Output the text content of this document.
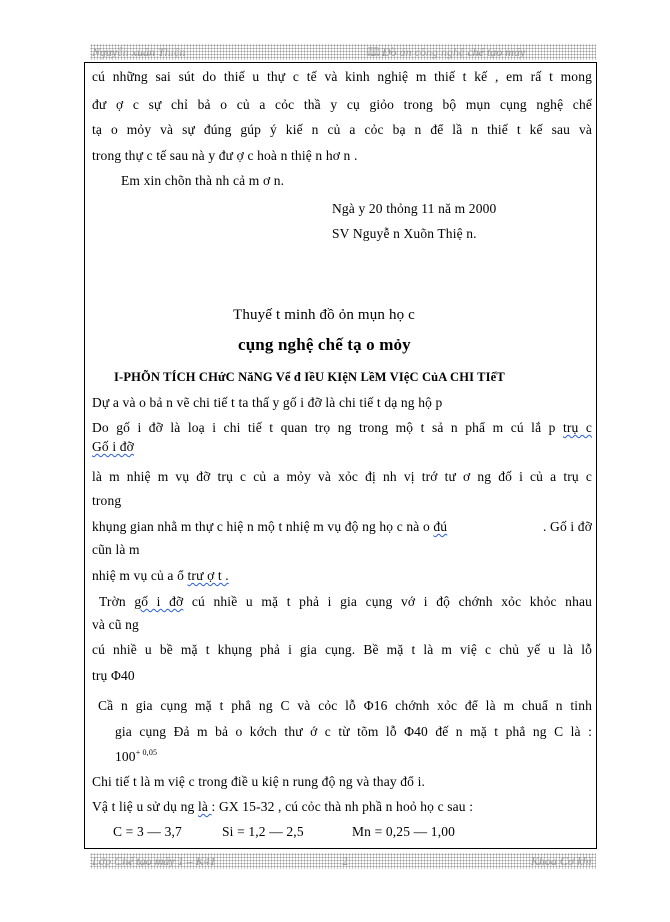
Nguyễn xuân Thiện	🕮 Đồ án công nghệ chế tạo máy
cú những sai sút do thiế u thự c tế và kinh nghiệ m thiế t kế , em rấ t mong
đư ợ c sự chỉ bả o củ a cỏc thầ y cụ giỏo trong bộ mụn cụng nghệ chế
tạ o mỏy và sự đúng gúp ý kiế n củ a cỏc bạ n để lầ n thiế t kế sau và
trong thự c tế sau nà y đư ợ c hoà n thiệ n hơ n .
Em xin chõn thà nh cả m ơ n.
Ngà y 20 thỏng 11 nă m 2000
SV Nguyễ n Xuõn Thiệ n.
Thuyế t minh đồ ỏn mụn họ c
cụng nghệ chế tạ o mỏy
I-PHÕN TÍCH CHứC NăNG Vể đ IềU KIệN LềM VIệC CủA CHI TIếT
Dự a và o bả n vẽ chi tiế t ta thấ y gố i đỡ là chi tiế t dạ ng hộ p
Do gố i đỡ là loạ i chi tiế t quan trọ ng trong mộ t sả n phẩ m cú lắ p trụ c
Gố i đỡ
là m nhiệ m vụ đỡ trụ c củ a mỏy và xỏc đị nh vị trớ tư ơ ng đố i củ a trụ c
trong
khụng gian nhằ m thự c hiệ n mộ t nhiệ m vụ độ ng họ c nà o đú	. Gố i đỡ
cũn là m
nhiệ m vụ củ a ổ trư ợ t .
Trờn gố i đỡ cú nhiề u mặ t phả i gia cụng vớ i độ chớnh xỏc khỏc nhau
và cũ ng
cú nhiề u bề mặ t khụng phả i gia cụng. Bề mặ t là m việ c chủ yế u là lỗ
trụ Φ40
Cầ n gia cụng mặ t phẳ ng C và cỏc lỗ Φ16 chớnh xỏc để là m chuẩ n tinh
gia cụng Đả m bả o kớch thư ớ c từ tõm lỗ Φ40 đế n mặ t phẳ ng C là :
$100^{+ 0,05}$
Chi tiế t là m việ c trong điề u kiệ n rung độ ng và thay đổ i.
Vậ t liệ u sử dụ ng là : GX 15-32 , cú cỏc thà nh phầ n hoỏ họ c sau :
C = 3 — 3,7	Si = 1,2 — 2,5	Mn = 0,25 — 1,00
Lớp Chế tạo máy 1 – K41	2	Khoa Cơ khí
